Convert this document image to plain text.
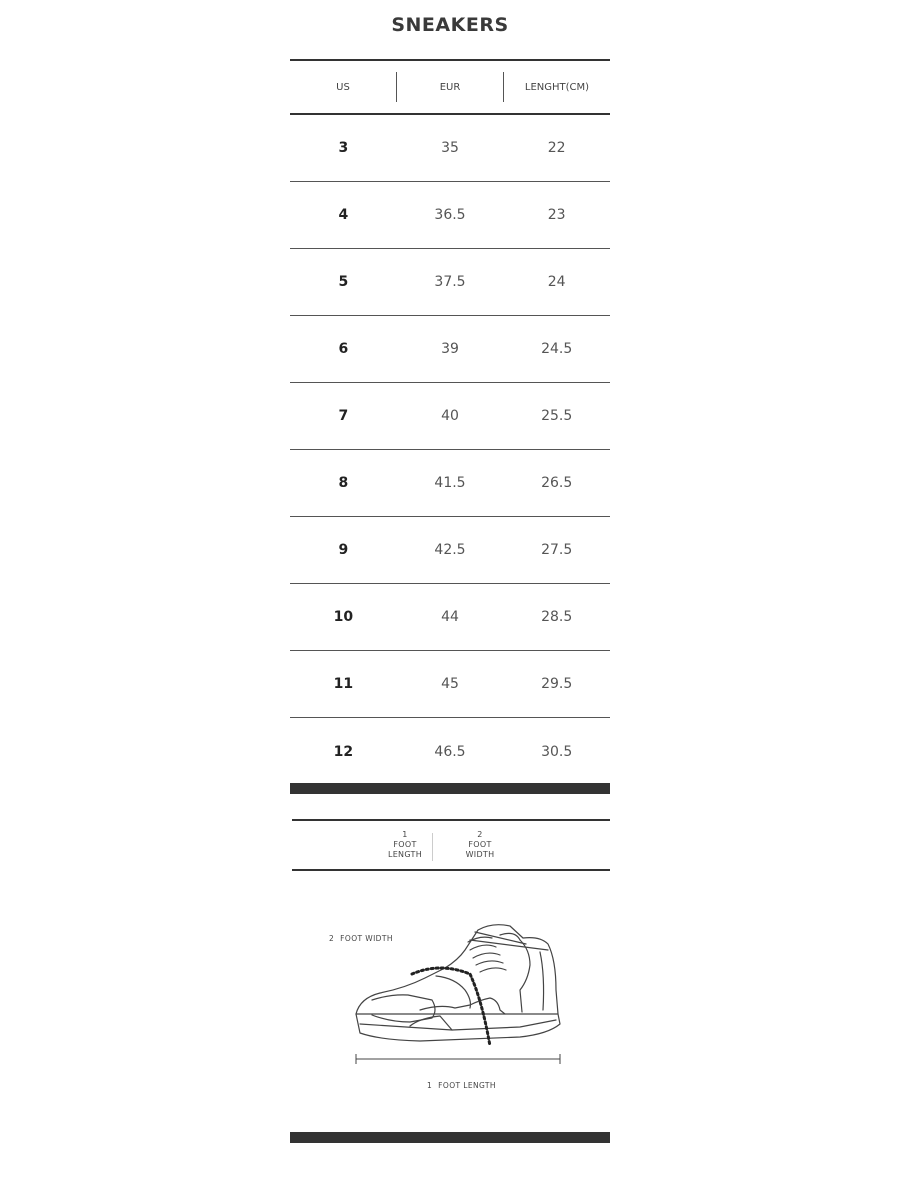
SNEAKERS
US	EUR	LENGHT(CM)
3	35	22
4	36.5	23
5	37.5	24
6	39	24.5
7	40	25.5
8	41.5	26.5
9	42.5	27.5
10	44	28.5
11	45	29.5
12	46.5	30.5
1
FOOT
LENGTH
2
FOOT
WIDTH
2 FOOT WIDTH
1 FOOT LENGTH
